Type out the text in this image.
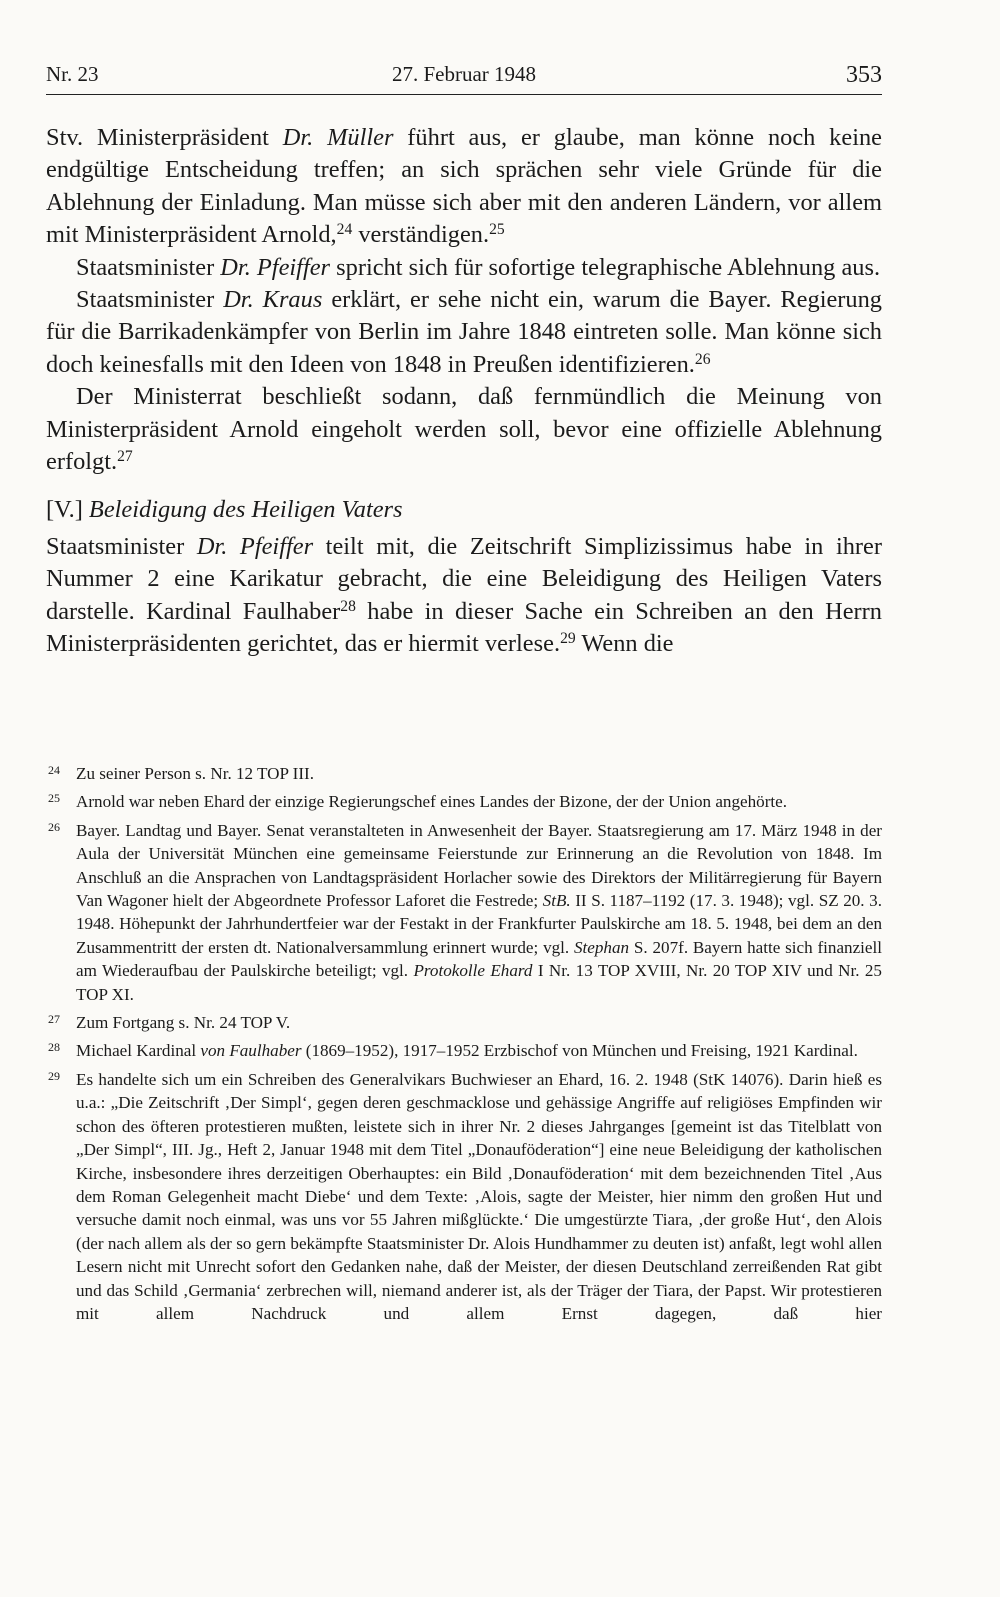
Nr. 23	27. Februar 1948	353

Stv. Ministerpräsident Dr. Müller führt aus, er glaube, man könne noch keine endgültige Entscheidung treffen; an sich sprächen sehr viele Gründe für die Ablehnung der Einladung. Man müsse sich aber mit den anderen Ländern, vor allem mit Ministerpräsident Arnold,$^{24}$ verständigen.$^{25}$

Staatsminister Dr. Pfeiffer spricht sich für sofortige telegraphische Ablehnung aus.

Staatsminister Dr. Kraus erklärt, er sehe nicht ein, warum die Bayer. Regierung für die Barrikadenkämpfer von Berlin im Jahre 1848 eintreten solle. Man könne sich doch keinesfalls mit den Ideen von 1848 in Preußen identifizieren.$^{26}$

Der Ministerrat beschließt sodann, daß fernmündlich die Meinung von Ministerpräsident Arnold eingeholt werden soll, bevor eine offizielle Ablehnung erfolgt.$^{27}$

[V.] Beleidigung des Heiligen Vaters

Staatsminister Dr. Pfeiffer teilt mit, die Zeitschrift Simplizissimus habe in ihrer Nummer 2 eine Karikatur gebracht, die eine Beleidigung des Heiligen Vaters darstelle. Kardinal Faulhaber$^{28}$ habe in dieser Sache ein Schreiben an den Herrn Ministerpräsidenten gerichtet, das er hiermit verlese.$^{29}$ Wenn die

24 Zu seiner Person s. Nr. 12 TOP III.
25 Arnold war neben Ehard der einzige Regierungschef eines Landes der Bizone, der der Union angehörte.
26 Bayer. Landtag und Bayer. Senat veranstalteten in Anwesenheit der Bayer. Staatsregierung am 17. März 1948 in der Aula der Universität München eine gemeinsame Feierstunde zur Erinnerung an die Revolution von 1848. Im Anschluß an die Ansprachen von Landtagspräsident Horlacher sowie des Direktors der Militärregierung für Bayern Van Wagoner hielt der Abgeordnete Professor Laforet die Festrede; StB. II S. 1187–1192 (17. 3. 1948); vgl. SZ 20. 3. 1948. Höhepunkt der Jahrhundertfeier war der Festakt in der Frankfurter Paulskirche am 18. 5. 1948, bei dem an den Zusammentritt der ersten dt. Nationalversammlung erinnert wurde; vgl. Stephan S. 207f. Bayern hatte sich finanziell am Wiederaufbau der Paulskirche beteiligt; vgl. Protokolle Ehard I Nr. 13 TOP XVIII, Nr. 20 TOP XIV und Nr. 25 TOP XI.
27 Zum Fortgang s. Nr. 24 TOP V.
28 Michael Kardinal von Faulhaber (1869–1952), 1917–1952 Erzbischof von München und Freising, 1921 Kardinal.
29 Es handelte sich um ein Schreiben des Generalvikars Buchwieser an Ehard, 16. 2. 1948 (StK 14076). Darin hieß es u.a.: „Die Zeitschrift ‚Der Simpl‘, gegen deren geschmacklose und gehässige Angriffe auf religiöses Empfinden wir schon des öfteren protestieren mußten, leistete sich in ihrer Nr. 2 dieses Jahrganges [gemeint ist das Titelblatt von „Der Simpl“, III. Jg., Heft 2, Januar 1948 mit dem Titel „Donauföderation“] eine neue Beleidigung der katholischen Kirche, insbesondere ihres derzeitigen Oberhauptes: ein Bild ‚Donauföderation‘ mit dem bezeichnenden Titel ‚Aus dem Roman Gelegenheit macht Diebe‘ und dem Texte: ‚Alois, sagte der Meister, hier nimm den großen Hut und versuche damit noch einmal, was uns vor 55 Jahren mißglückte.‘ Die umgestürzte Tiara, ‚der große Hut‘, den Alois (der nach allem als der so gern bekämpfte Staatsminister Dr. Alois Hundhammer zu deuten ist) anfaßt, legt wohl allen Lesern nicht mit Unrecht sofort den Gedanken nahe, daß der Meister, der diesen Deutschland zerreißenden Rat gibt und das Schild ‚Germania‘ zerbrechen will, niemand anderer ist, als der Träger der Tiara, der Papst. Wir protestieren mit allem Nachdruck und allem Ernst dagegen, daß hier
